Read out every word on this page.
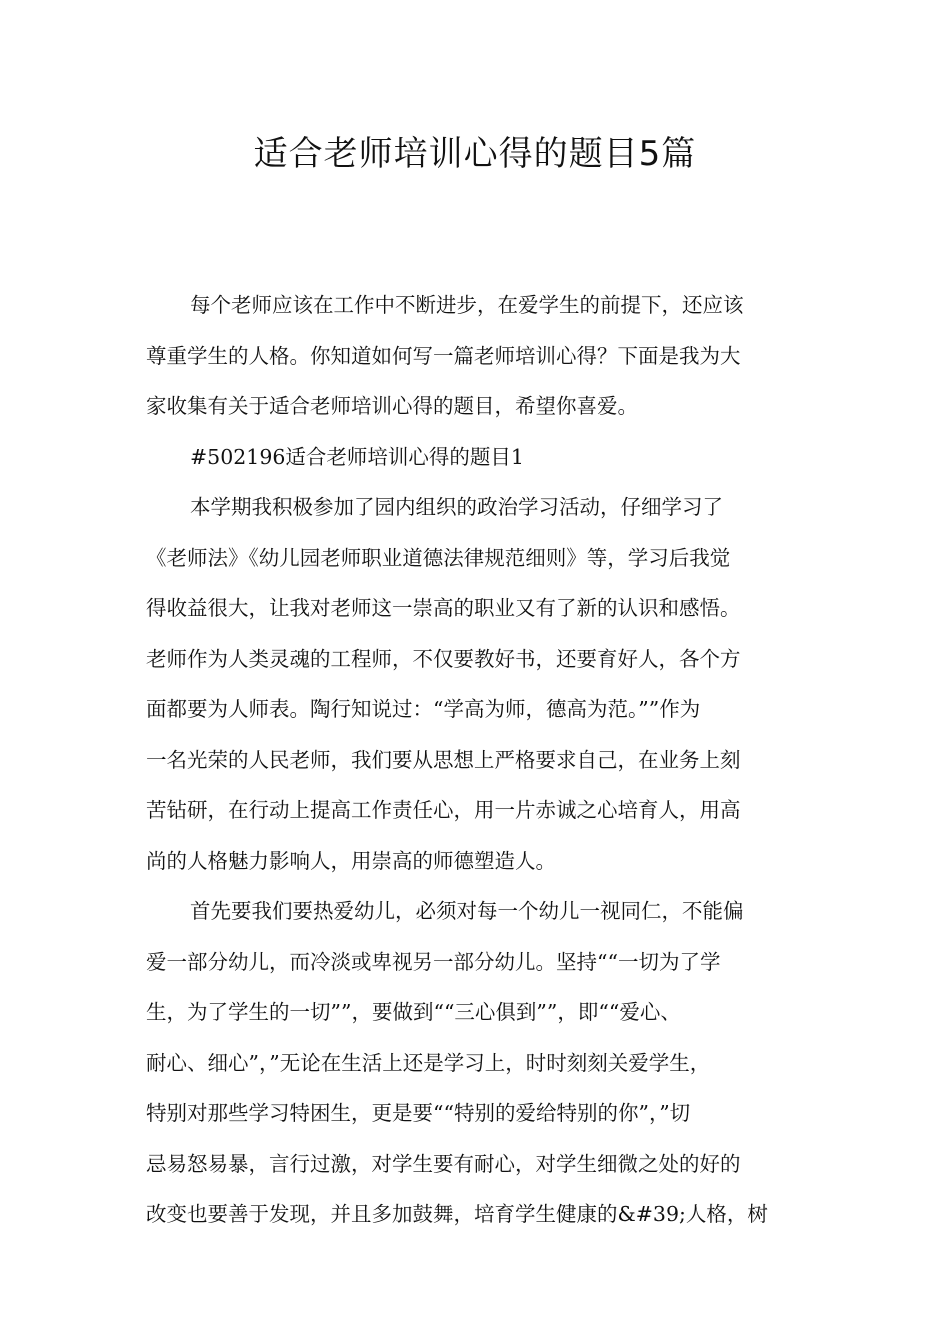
适合老师培训心得的题目5篇

每个老师应该在工作中不断进步，在爱学生的前提下，还应该

尊重学生的人格。你知道如何写一篇老师培训心得？下面是我为大

家收集有关于适合老师培训心得的题目，希望你喜爱。

#502196适合老师培训心得的题目1

本学期我积极参加了园内组织的政治学习活动，仔细学习了

《老师法》《幼儿园老师职业道德法律规范细则》等，学习后我觉

得收益很大，让我对老师这一崇高的职业又有了新的认识和感悟。

老师作为人类灵魂的工程师，不仅要教好书，还要育好人，各个方

面都要为人师表。陶行知说过：“学高为师，德高为范。””作为

一名光荣的人民老师，我们要从思想上严格要求自己，在业务上刻

苦钻研，在行动上提高工作责任心，用一片赤诚之心培育人，用高

尚的人格魅力影响人，用崇高的师德塑造人。

首先要我们要热爱幼儿，必须对每一个幼儿一视同仁，不能偏

爱一部分幼儿，而冷淡或卑视另一部分幼儿。坚持““一切为了学

生，为了学生的一切””，要做到““三心俱到””，即““爱心、

耐心、细心”，”无论在生活上还是学习上，时时刻刻关爱学生，

特别对那些学习特困生，更是要““特别的爱给特别的你”，”切

忌易怒易暴，言行过激，对学生要有耐心，对学生细微之处的好的

改变也要善于发现，并且多加鼓舞，培育学生健康的&#39;人格，树
